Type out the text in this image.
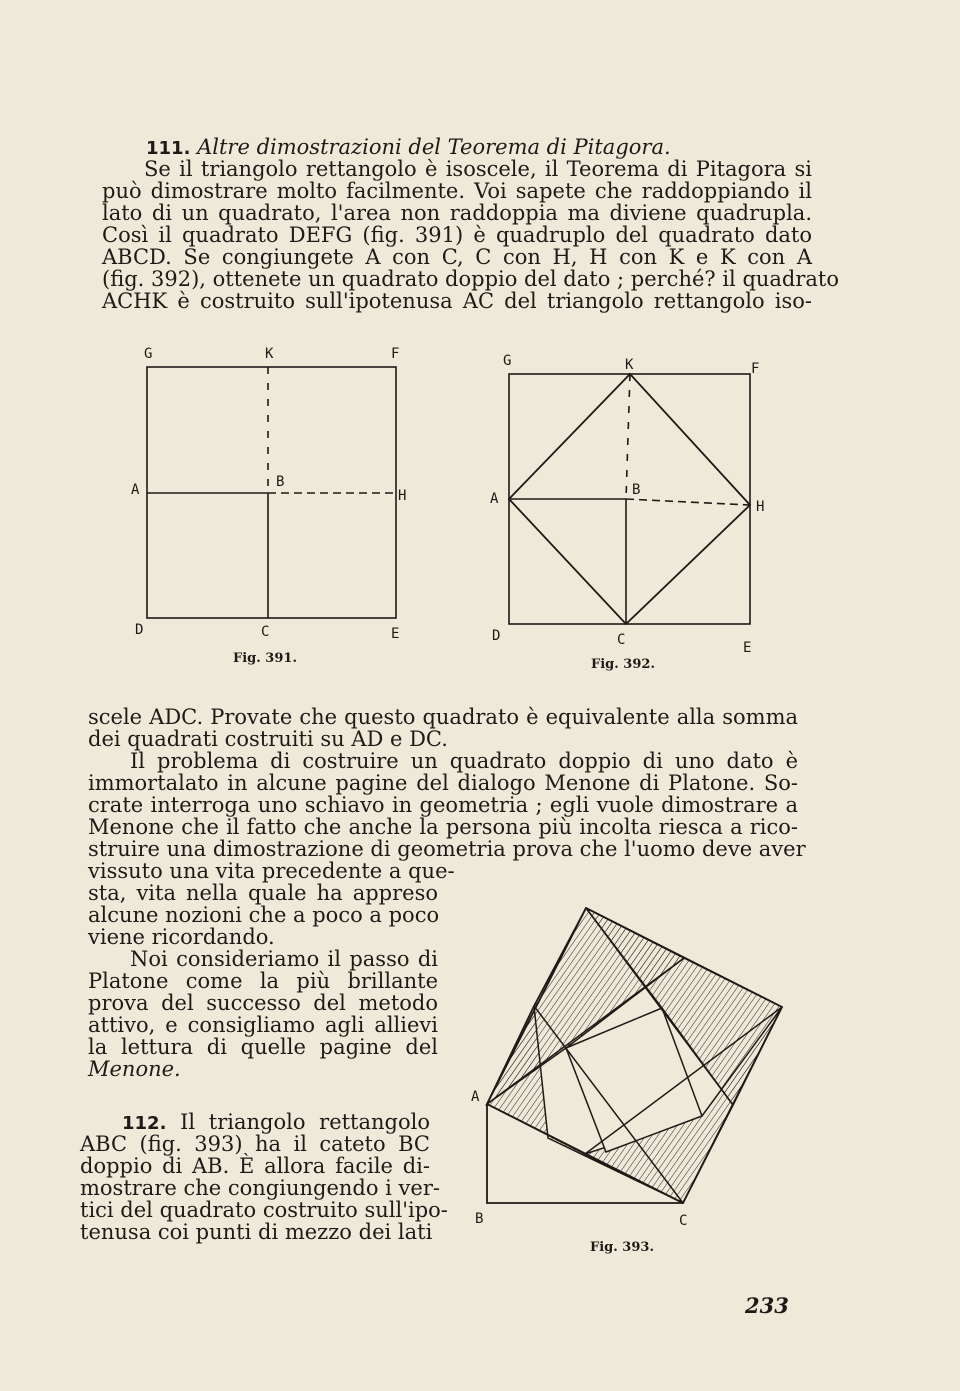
111. Altre dimostrazioni del Teorema di Pitagora.
Se il triangolo rettangolo è isoscele, il Teorema di Pitagora si
può dimostrare molto facilmente. Voi sapete che raddoppiando il
lato di un quadrato, l'area non raddoppia ma diviene quadrupla.
Così il quadrato DEFG (fig. 391) è quadruplo del quadrato dato
ABCD. Se congiungete A con C, C con H, H con K e K con A
(fig. 392), ottenete un quadrato doppio del dato ; perché? il quadrato
ACHK è costruito sull'ipotenusa AC del triangolo rettangolo iso-
scele ADC. Provate che questo quadrato è equivalente alla somma
dei quadrati costruiti su AD e DC.
Il problema di costruire un quadrato doppio di uno dato è
immortalato in alcune pagine del dialogo Menone di Platone. So-
crate interroga uno schiavo in geometria ; egli vuole dimostrare a
Menone che il fatto che anche la persona più incolta riesca a rico-
struire una dimostrazione di geometria prova che l'uomo deve aver
vissuto una vita precedente a que-
sta, vita nella quale ha appreso
alcune nozioni che a poco a poco
viene ricordando.
Noi consideriamo il passo di
Platone come la più brillante
prova del successo del metodo
attivo, e consigliamo agli allievi
la lettura di quelle pagine del
Menone.
112. Il triangolo rettangolo
ABC (fig. 393) ha il cateto BC
doppio di AB. È allora facile di-
mostrare che congiungendo i ver-
tici del quadrato costruito sull'ipo-
tenusa coi punti di mezzo dei lati
G	K	F
A	B
H
D	C	E
Fig. 391.
G	K	F
A
B
H
D	C	E
Fig. 392.
A
B	C
Fig. 393.
233
